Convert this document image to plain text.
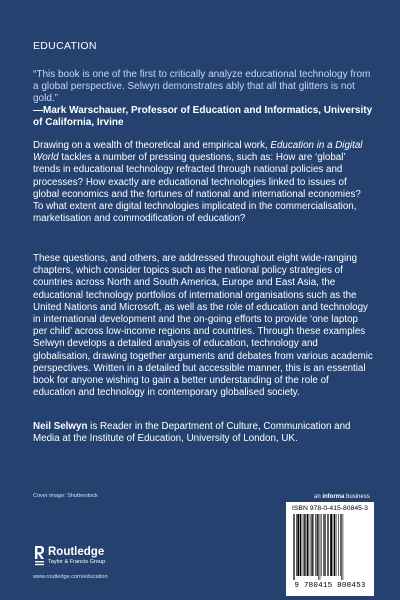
EDUCATION
“This book is one of the first to critically analyze educational technology from a global perspective. Selwyn demonstrates ably that all that glitters is not gold.”
—Mark Warschauer, Professor of Education and Informatics, University of California, Irvine
Drawing on a wealth of theoretical and empirical work, Education in a Digital World tackles a number of pressing questions, such as: How are ‘global’ trends in educational technology refracted through national policies and processes? How exactly are educational technologies linked to issues of global economics and the fortunes of national and international economies? To what extent are digital technologies implicated in the commercialisation, marketisation and commodification of education?
These questions, and others, are addressed throughout eight wide-ranging chapters, which consider topics such as the national policy strategies of countries across North and South America, Europe and East Asia, the educational technology portfolios of international organisations such as the United Nations and Microsoft, as well as the role of education and technology in international development and the on-going efforts to provide ‘one laptop per child’ across low-income regions and countries. Through these examples Selwyn develops a detailed analysis of education, technology and globalisation, drawing together arguments and debates from various academic perspectives. Written in a detailed but accessible manner, this is an essential book for anyone wishing to gain a better understanding of the role of education and technology in contemporary globalised society.
Neil Selwyn is Reader in the Department of Culture, Communication and Media at the Institute of Education, University of London, UK.
Cover image: Shutterstock
Routledge
Taylor & Francis Group
www.routledge.com/education
an informa business
ISBN 978-0-415-80845-3
9 780415 808453
